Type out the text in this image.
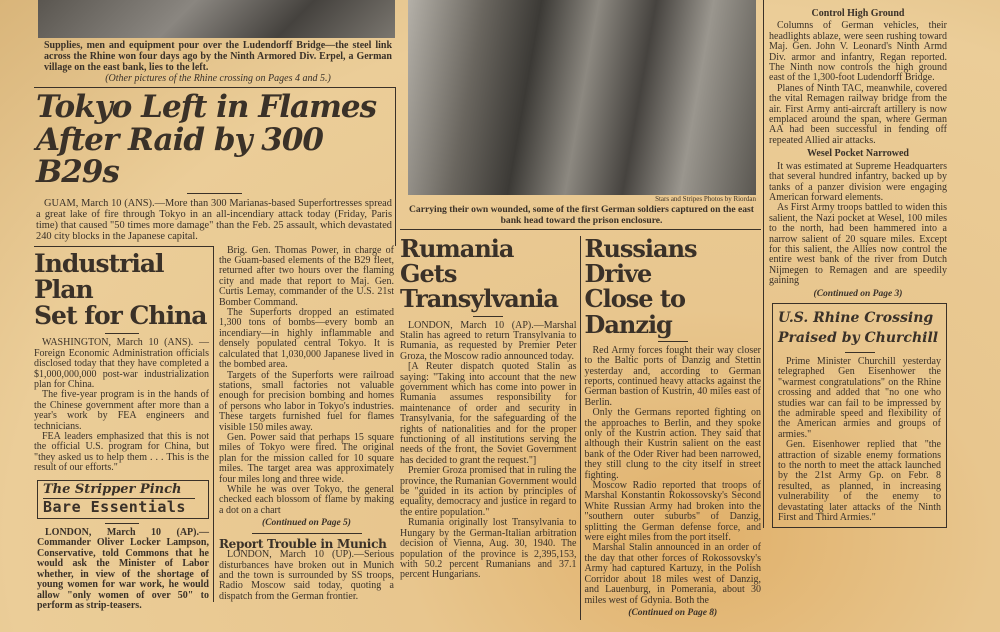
Supplies, men and equipment pour over the Ludendorff Bridge—the steel link across the Rhine won four days ago by the Ninth Armored Div. Erpel, a German village on the east bank, lies to the left.
(Other pictures of the Rhine crossing on Pages 4 and 5.)
Tokyo Left in Flames
After Raid by 300 B29s

GUAM, March 10 (ANS).—More than 300 Marianas-based Superfortresses spread a great lake of fire through Tokyo in an all-incendiary attack today (Friday, Paris time) that caused "50 times more damage" than the Feb. 25 assault, which devastated 240 city blocks in the Japanese capital.

Industrial Plan
Set for China

WASHINGTON, March 10 (ANS). —Foreign Economic Administration officials disclosed today that they have completed a $1,000,000,000 post-war industrialization plan for China.

The five-year program is in the hands of the Chinese government after more than a year's work by FEA engineers and technicians.

FEA leaders emphasized that this is not the official U.S. program for China, but "they asked us to help them . . . This is the result of our efforts."

The Stripper Pinch
Bare Essentials

LONDON, March 10 (AP).—Commander Oliver Locker Lampson, Conservative, told Commons that he would ask the Minister of Labor whether, in view of the shortage of young women for war work, he would allow "only women of over 50" to perform as strip-teasers.

Brig. Gen. Thomas Power, in charge of the Guam-based elements of the B29 fleet, returned after two hours over the flaming city and made that report to Maj. Gen. Curtis Lemay, commander of the U.S. 21st Bomber Command.

The Superforts dropped an estimated 1,300 tons of bombs—every bomb an incendiary—in highly inflammable and densely populated central Tokyo. It is calculated that 1,030,000 Japanese lived in the bombed area.

Targets of the Superforts were railroad stations, small factories not valuable enough for precision bombing and homes of persons who labor in Tokyo's industries. These targets furnished fuel for flames visible 150 miles away.

Gen. Power said that perhaps 15 square miles of Tokyo were fired. The original plan for the mission called for 10 square miles. The target area was approximately four miles long and three wide.

While he was over Tokyo, the general checked each blossom of flame by making a dot on a chart

(Continued on Page 5)
Report Trouble in Munich

LONDON, March 10 (UP).—Serious disturbances have broken out in Munich and the town is surrounded by SS troops, Radio Moscow said today, quoting a dispatch from the German frontier.

Stars and Stripes Photos by Riordan
Carrying their own wounded, some of the first German soldiers captured on the east bank head toward the prison enclosure.
Rumania Gets
Transylvania

LONDON, March 10 (AP).—Marshal Stalin has agreed to return Transylvania to Rumania, as requested by Premier Peter Groza, the Moscow radio announced today.

[A Reuter dispatch quoted Stalin as saying: "Taking into account that the new government which has come into power in Rumania assumes responsibility for maintenance of order and security in Transylvania, for the safeguarding of the rights of nationalities and for the proper functioning of all institutions serving the needs of the front, the Soviet Government has decided to grant the request."]

Premier Groza promised that in ruling the province, the Rumanian Government would be "guided in its action by principles of equality, democracy and justice in regard to the entire population."

Rumania originally lost Transylvania to Hungary by the German-Italian arbitration decision of Vienna, Aug. 30, 1940. The population of the province is 2,395,153, with 50.2 percent Rumanians and 37.1 percent Hungarians.

Russians Drive
Close to Danzig

Red Army forces fought their way closer to the Baltic ports of Danzig and Stettin yesterday and, according to German reports, continued heavy attacks against the German bastion of Kustrin, 40 miles east of Berlin.

Only the Germans reported fighting on the approaches to Berlin, and they spoke only of the Kustrin action. They said that although their Kustrin salient on the east bank of the Oder River had been narrowed, they still clung to the city itself in street fighting.

Moscow Radio reported that troops of Marshal Konstantin Rokossovsky's Second White Russian Army had broken into the "southern outer suburbs" of Danzig, splitting the German defense force, and were eight miles from the port itself.

Marshal Stalin announced in an order of the day that other forces of Rokossovsky's Army had captured Kartuzy, in the Polish Corridor about 18 miles west of Danzig, and Lauenburg, in Pomerania, about 30 miles west of Gdynia. Both the

(Continued on Page 8)
Control High Ground

Columns of German vehicles, their headlights ablaze, were seen rushing toward Maj. Gen. John V. Leonard's Ninth Armd Div. armor and infantry, Regan reported. The Ninth now controls the high ground east of the 1,300-foot Ludendorff Bridge.

Planes of Ninth TAC, meanwhile, covered the vital Remagen railway bridge from the air. First Army anti-aircraft artillery is now emplaced around the span, where German AA had been successful in fending off repeated Allied air attacks.

Wesel Pocket Narrowed

It was estimated at Supreme Headquarters that several hundred infantry, backed up by tanks of a panzer division were engaging American forward elements.

As First Army troops battled to widen this salient, the Nazi pocket at Wesel, 100 miles to the north, had been hammered into a narrow salient of 20 square miles. Except for this salient, the Allies now control the entire west bank of the river from Dutch Nijmegen to Remagen and are speedily gaining

(Continued on Page 3)
U.S. Rhine Crossing
Praised by Churchill

Prime Minister Churchill yesterday telegraphed Gen Eisenhower the "warmest congratulations" on the Rhine crossing and added that "no one who studies war can fail to be impressed by the admirable speed and flexibility of the American armies and groups of armies."

Gen. Eisenhower replied that "the attraction of sizable enemy formations to the north to meet the attack launched by the 21st Army Gp. on Febr. 8 resulted, as planned, in increasing vulnerability of the enemy to devastating later attacks of the Ninth First and Third Armies."
